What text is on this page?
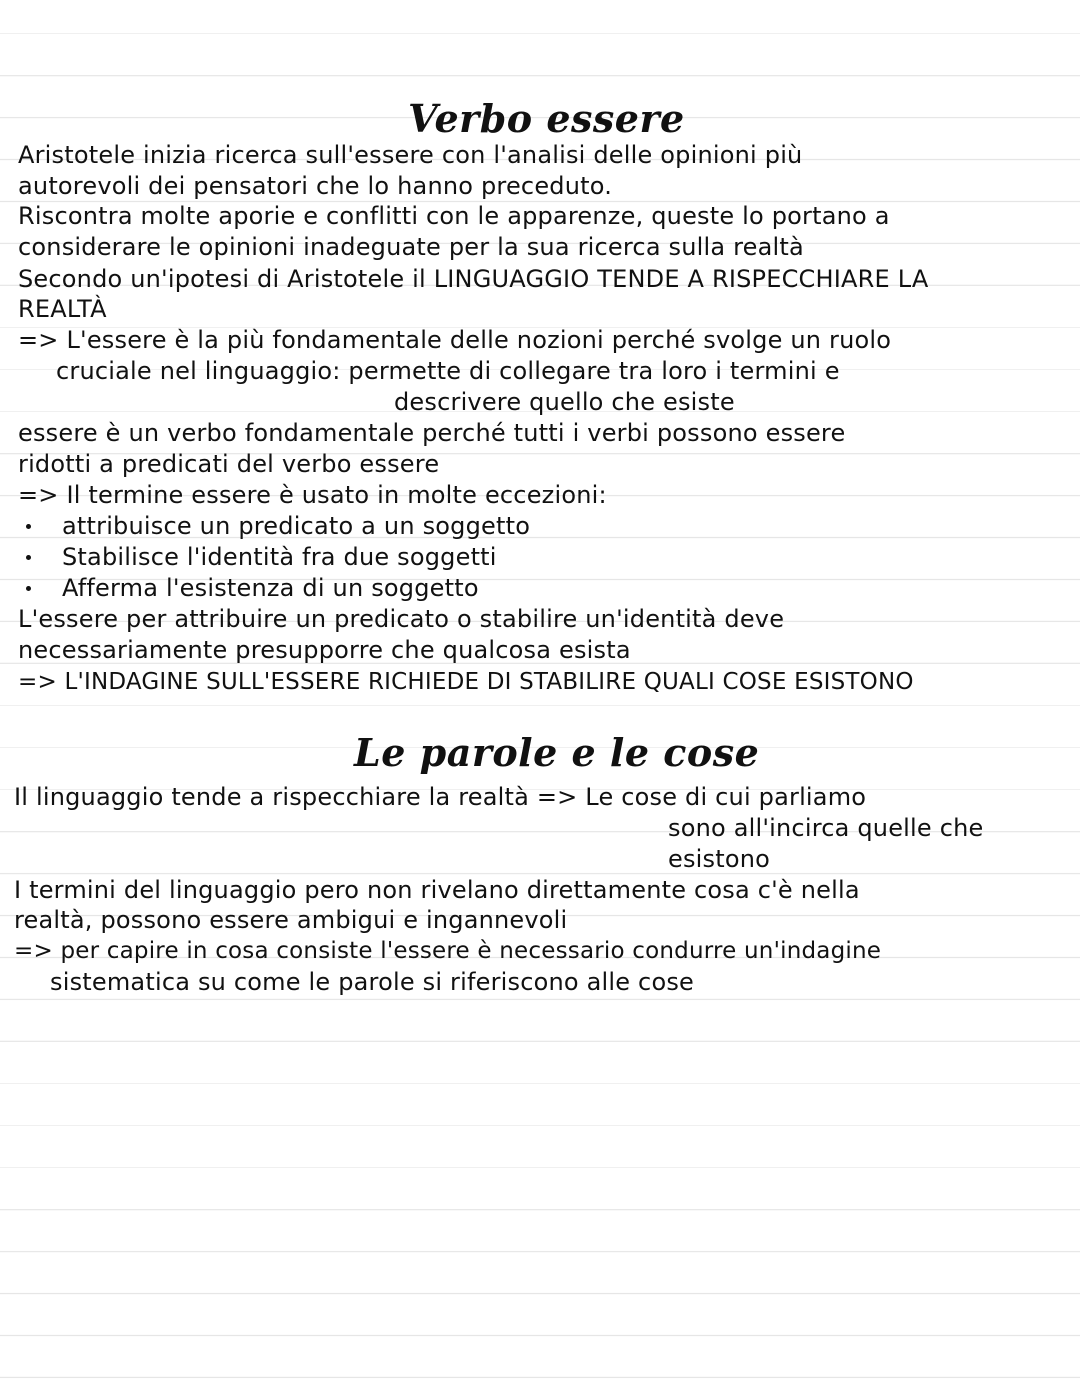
Verbo essere
Aristotele inizia ricerca sull'essere con l'analisi delle opinioni più
autorevoli dei pensatori che lo hanno preceduto.
Riscontra molte aporie e conflitti con le apparenze, queste lo portano a
considerare le opinioni inadeguate per la sua ricerca sulla realtà
Secondo un'ipotesi di Aristotele il LINGUAGGIO TENDE A RISPECCHIARE LA
REALTÀ
=> L'essere è la più fondamentale delle nozioni perché svolge un ruolo
cruciale nel linguaggio: permette di collegare tra loro i termini e
descrivere quello che esiste
essere è un verbo fondamentale perché tutti i verbi possono essere
ridotti a predicati del verbo essere
=> Il termine essere è usato in molte eccezioni:
attribuisce un predicato a un soggetto
Stabilisce l'identità fra due soggetti
Afferma l'esistenza di un soggetto
L'essere per attribuire un predicato o stabilire un'identità deve
necessariamente presupporre che qualcosa esista
=> L'INDAGINE SULL'ESSERE RICHIEDE DI STABILIRE QUALI COSE ESISTONO
Le parole e le cose
Il linguaggio tende a rispecchiare la realtà => Le cose di cui parliamo
sono all'incirca quelle che
esistono
I termini del linguaggio pero non rivelano direttamente cosa c'è nella
realtà, possono essere ambigui e ingannevoli
=> per capire in cosa consiste l'essere è necessario condurre un'indagine
sistematica su come le parole si riferiscono alle cose
